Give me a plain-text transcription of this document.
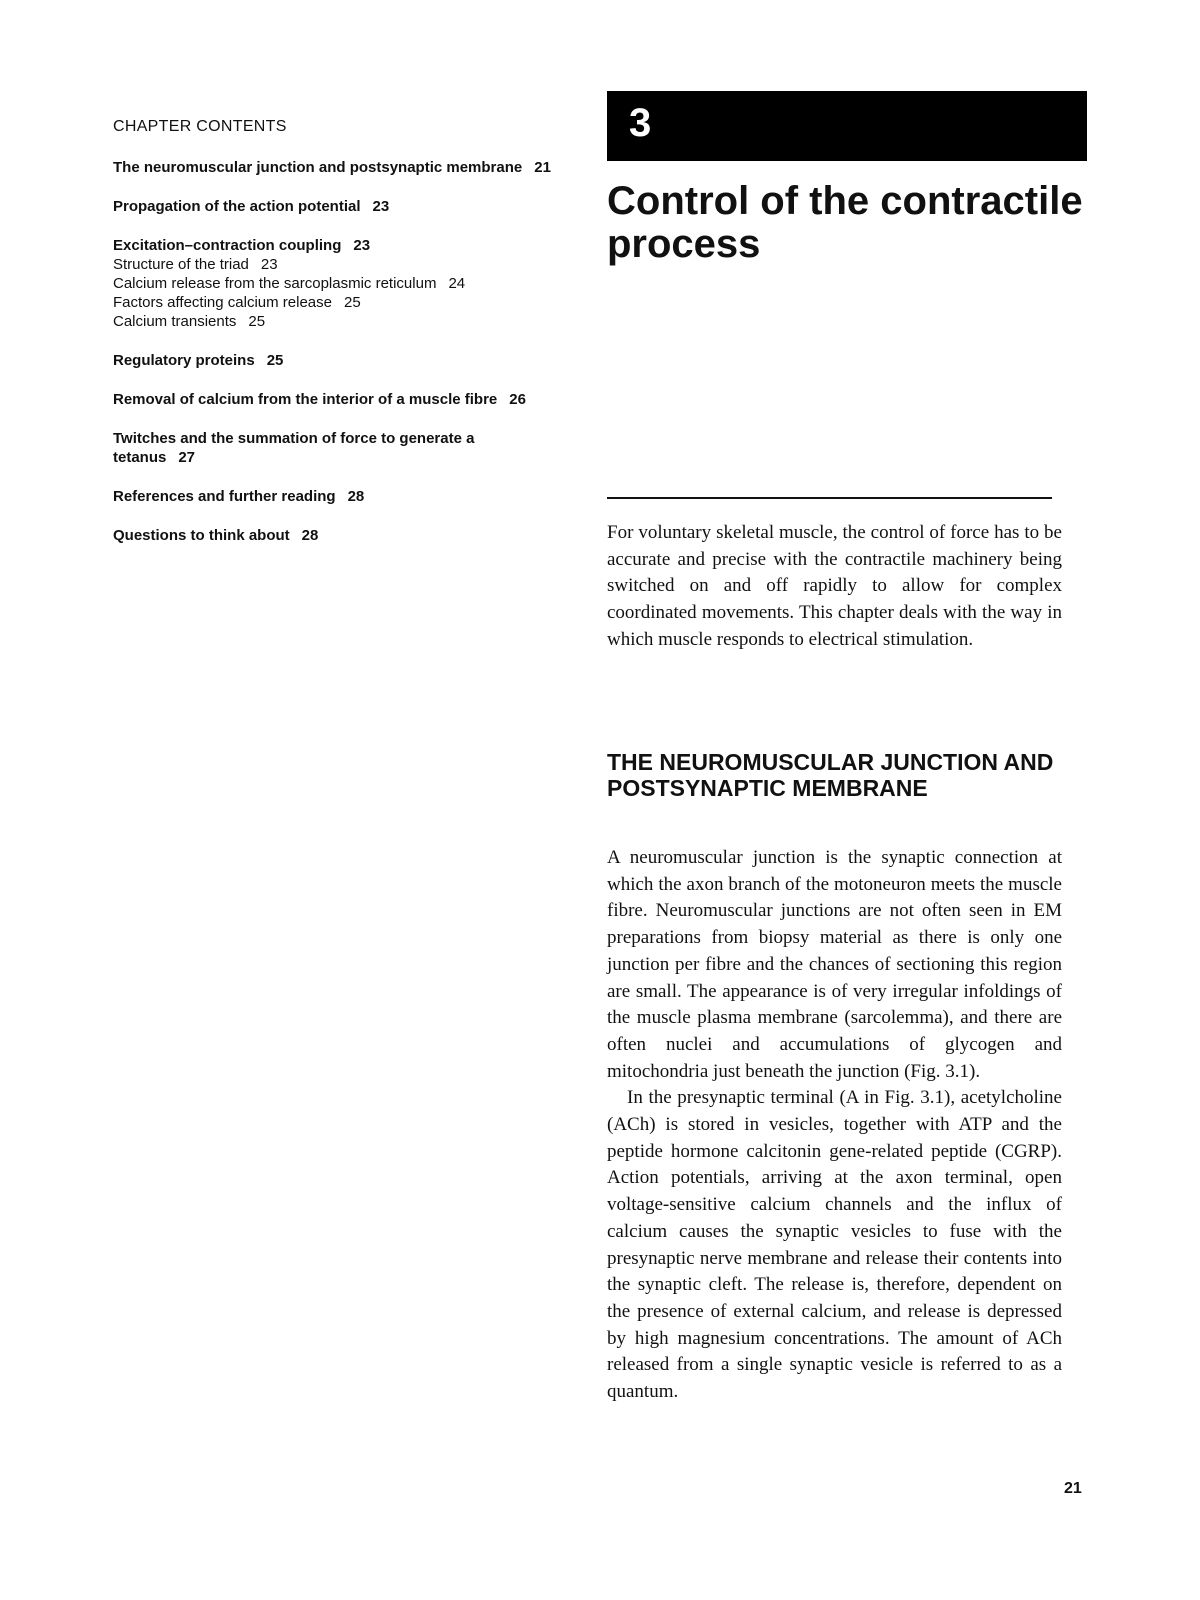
CHAPTER CONTENTS
The neuromuscular junction and postsynaptic membrane 21
Propagation of the action potential 23
Excitation–contraction coupling 23
Structure of the triad 23
Calcium release from the sarcoplasmic reticulum 24
Factors affecting calcium release 25
Calcium transients 25
Regulatory proteins 25
Removal of calcium from the interior of a muscle fibre 26
Twitches and the summation of force to generate a tetanus 27
References and further reading 28
Questions to think about 28
3
Control of the contractile process

For voluntary skeletal muscle, the control of force has to be accurate and precise with the contractile machinery being switched on and off rapidly to allow for complex coordinated movements. This chapter deals with the way in which muscle responds to electrical stimulation.

THE NEUROMUSCULAR JUNCTION AND POSTSYNAPTIC MEMBRANE

A neuromuscular junction is the synaptic connection at which the axon branch of the motoneuron meets the muscle fibre. Neuromuscular junctions are not often seen in EM preparations from biopsy material as there is only one junction per fibre and the chances of sectioning this region are small. The appearance is of very irregular infoldings of the muscle plasma membrane (sarcolemma), and there are often nuclei and accumulations of glycogen and mitochondria just beneath the junction (Fig. 3.1).

In the presynaptic terminal (A in Fig. 3.1), acetylcholine (ACh) is stored in vesicles, together with ATP and the peptide hormone calcitonin gene-related peptide (CGRP). Action potentials, arriving at the axon terminal, open voltage-sensitive calcium channels and the influx of calcium causes the synaptic vesicles to fuse with the presynaptic nerve membrane and release their contents into the synaptic cleft. The release is, therefore, dependent on the presence of external calcium, and release is depressed by high magnesium concentrations. The amount of ACh released from a single synaptic vesicle is referred to as a quantum.

21
